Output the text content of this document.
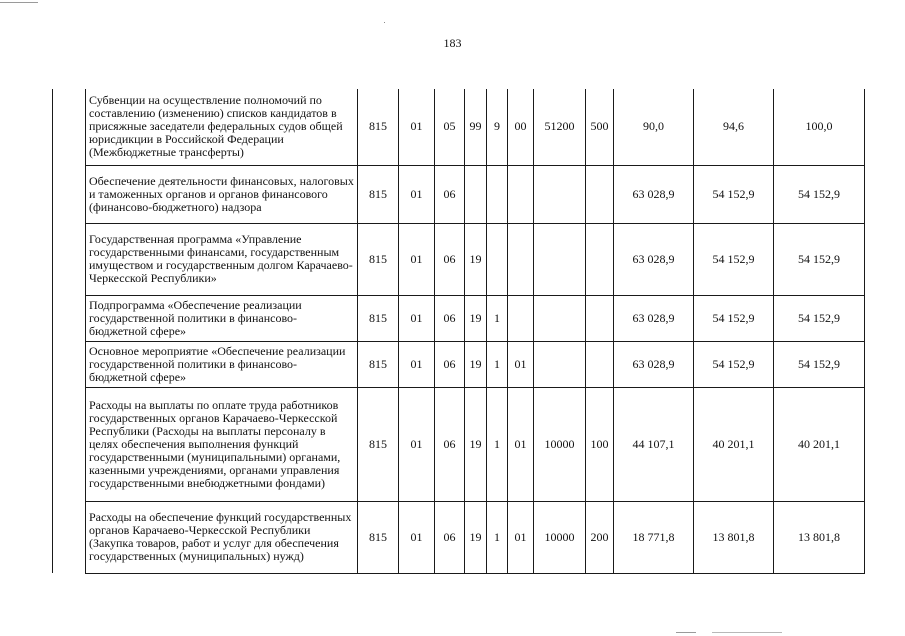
183
	Субвенции на осуществление полномочий по составлению (изменению) списков кандидатов в присяжные заседатели федеральных судов общей юрисдикции в Российской Федерации (Межбюджетные трансферты)	815	01	05	99	9	00	51200	500	90,0	94,6	100,0
	Обеспечение деятельности финансовых, налоговых и таможенных органов и органов финансового (финансово-бюджетного) надзора	815	01	06						63 028,9	54 152,9	54 152,9
	Государственная программа «Управление государственными финансами, государственным имуществом и государственным долгом Карачаево-Черкесской Республики»	815	01	06	19					63 028,9	54 152,9	54 152,9
	Подпрограмма «Обеспечение реализации государственной политики в финансово-бюджетной сфере»	815	01	06	19	1				63 028,9	54 152,9	54 152,9
	Основное мероприятие «Обеспечение реализации государственной политики в финансово-бюджетной сфере»	815	01	06	19	1	01			63 028,9	54 152,9	54 152,9
	Расходы на выплаты по оплате труда работников государственных органов Карачаево-Черкесской Республики (Расходы на выплаты персоналу в целях обеспечения выполнения функций государственными (муниципальными) органами, казенными учреждениями, органами управления государственными внебюджетными фондами)	815	01	06	19	1	01	10000	100	44 107,1	40 201,1	40 201,1
	Расходы на обеспечение функций государственных органов Карачаево-Черкесской Республики (Закупка товаров, работ и услуг для обеспечения государственных (муниципальных) нужд)	815	01	06	19	1	01	10000	200	18 771,8	13 801,8	13 801,8
